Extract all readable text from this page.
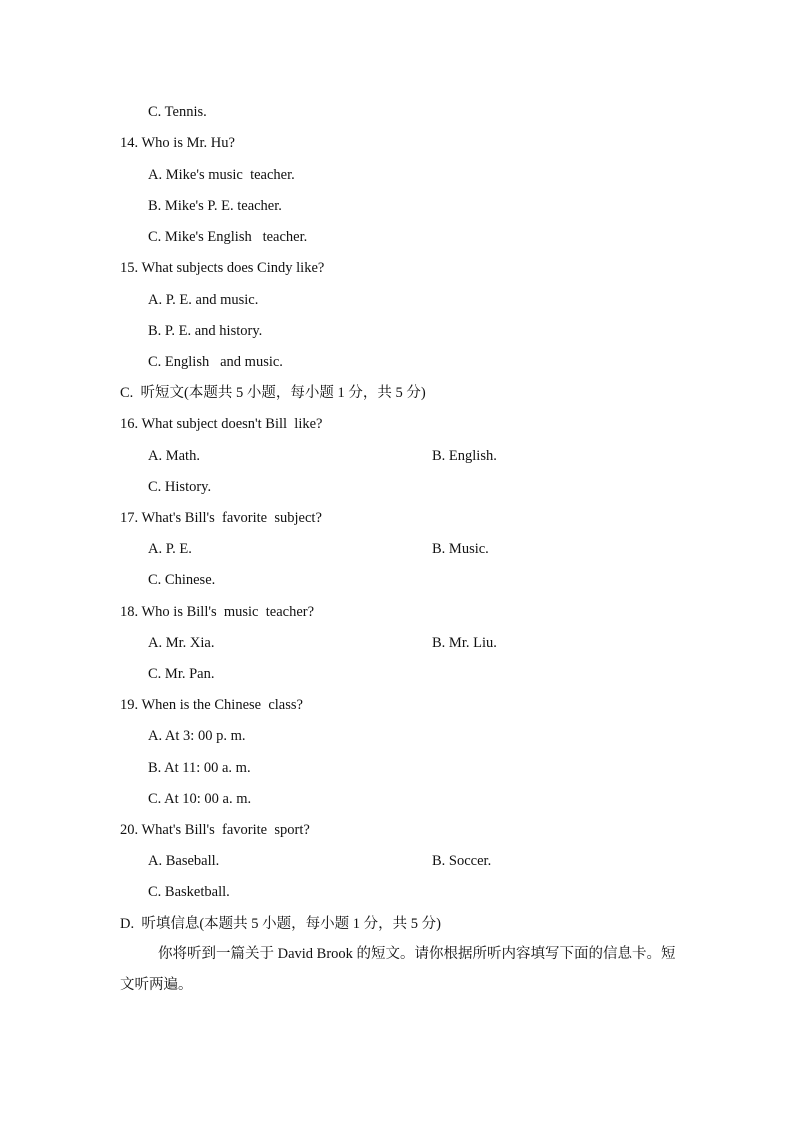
C. Tennis.
14. Who is Mr. Hu?
A. Mike's music  teacher.
B. Mike's P. E. teacher.
C. Mike's English   teacher.
15. What subjects does Cindy like?
A. P. E. and music.
B. P. E. and history.
C. English   and music.
C.  听短文(本题共 5 小题，每小题 1 分，共 5 分)
16. What subject doesn't Bill  like?
A. Math.	B. English.
C. History.
17. What's Bill's  favorite  subject?
A. P. E.	B. Music.
C. Chinese.
18. Who is Bill's  music  teacher?
A. Mr. Xia.	B. Mr. Liu.
C. Mr. Pan.
19. When is the Chinese  class?
A. At 3: 00 p. m.
B. At 11: 00 a. m.
C. At 10: 00 a. m.
20. What's Bill's  favorite  sport?
A. Baseball.	B. Soccer.
C. Basketball.
D.  听填信息(本题共 5 小题，每小题 1 分，共 5 分)
你将听到一篇关于 David Brook 的短文。请你根据所听内容填写下面的信息卡。短文听两遍。
